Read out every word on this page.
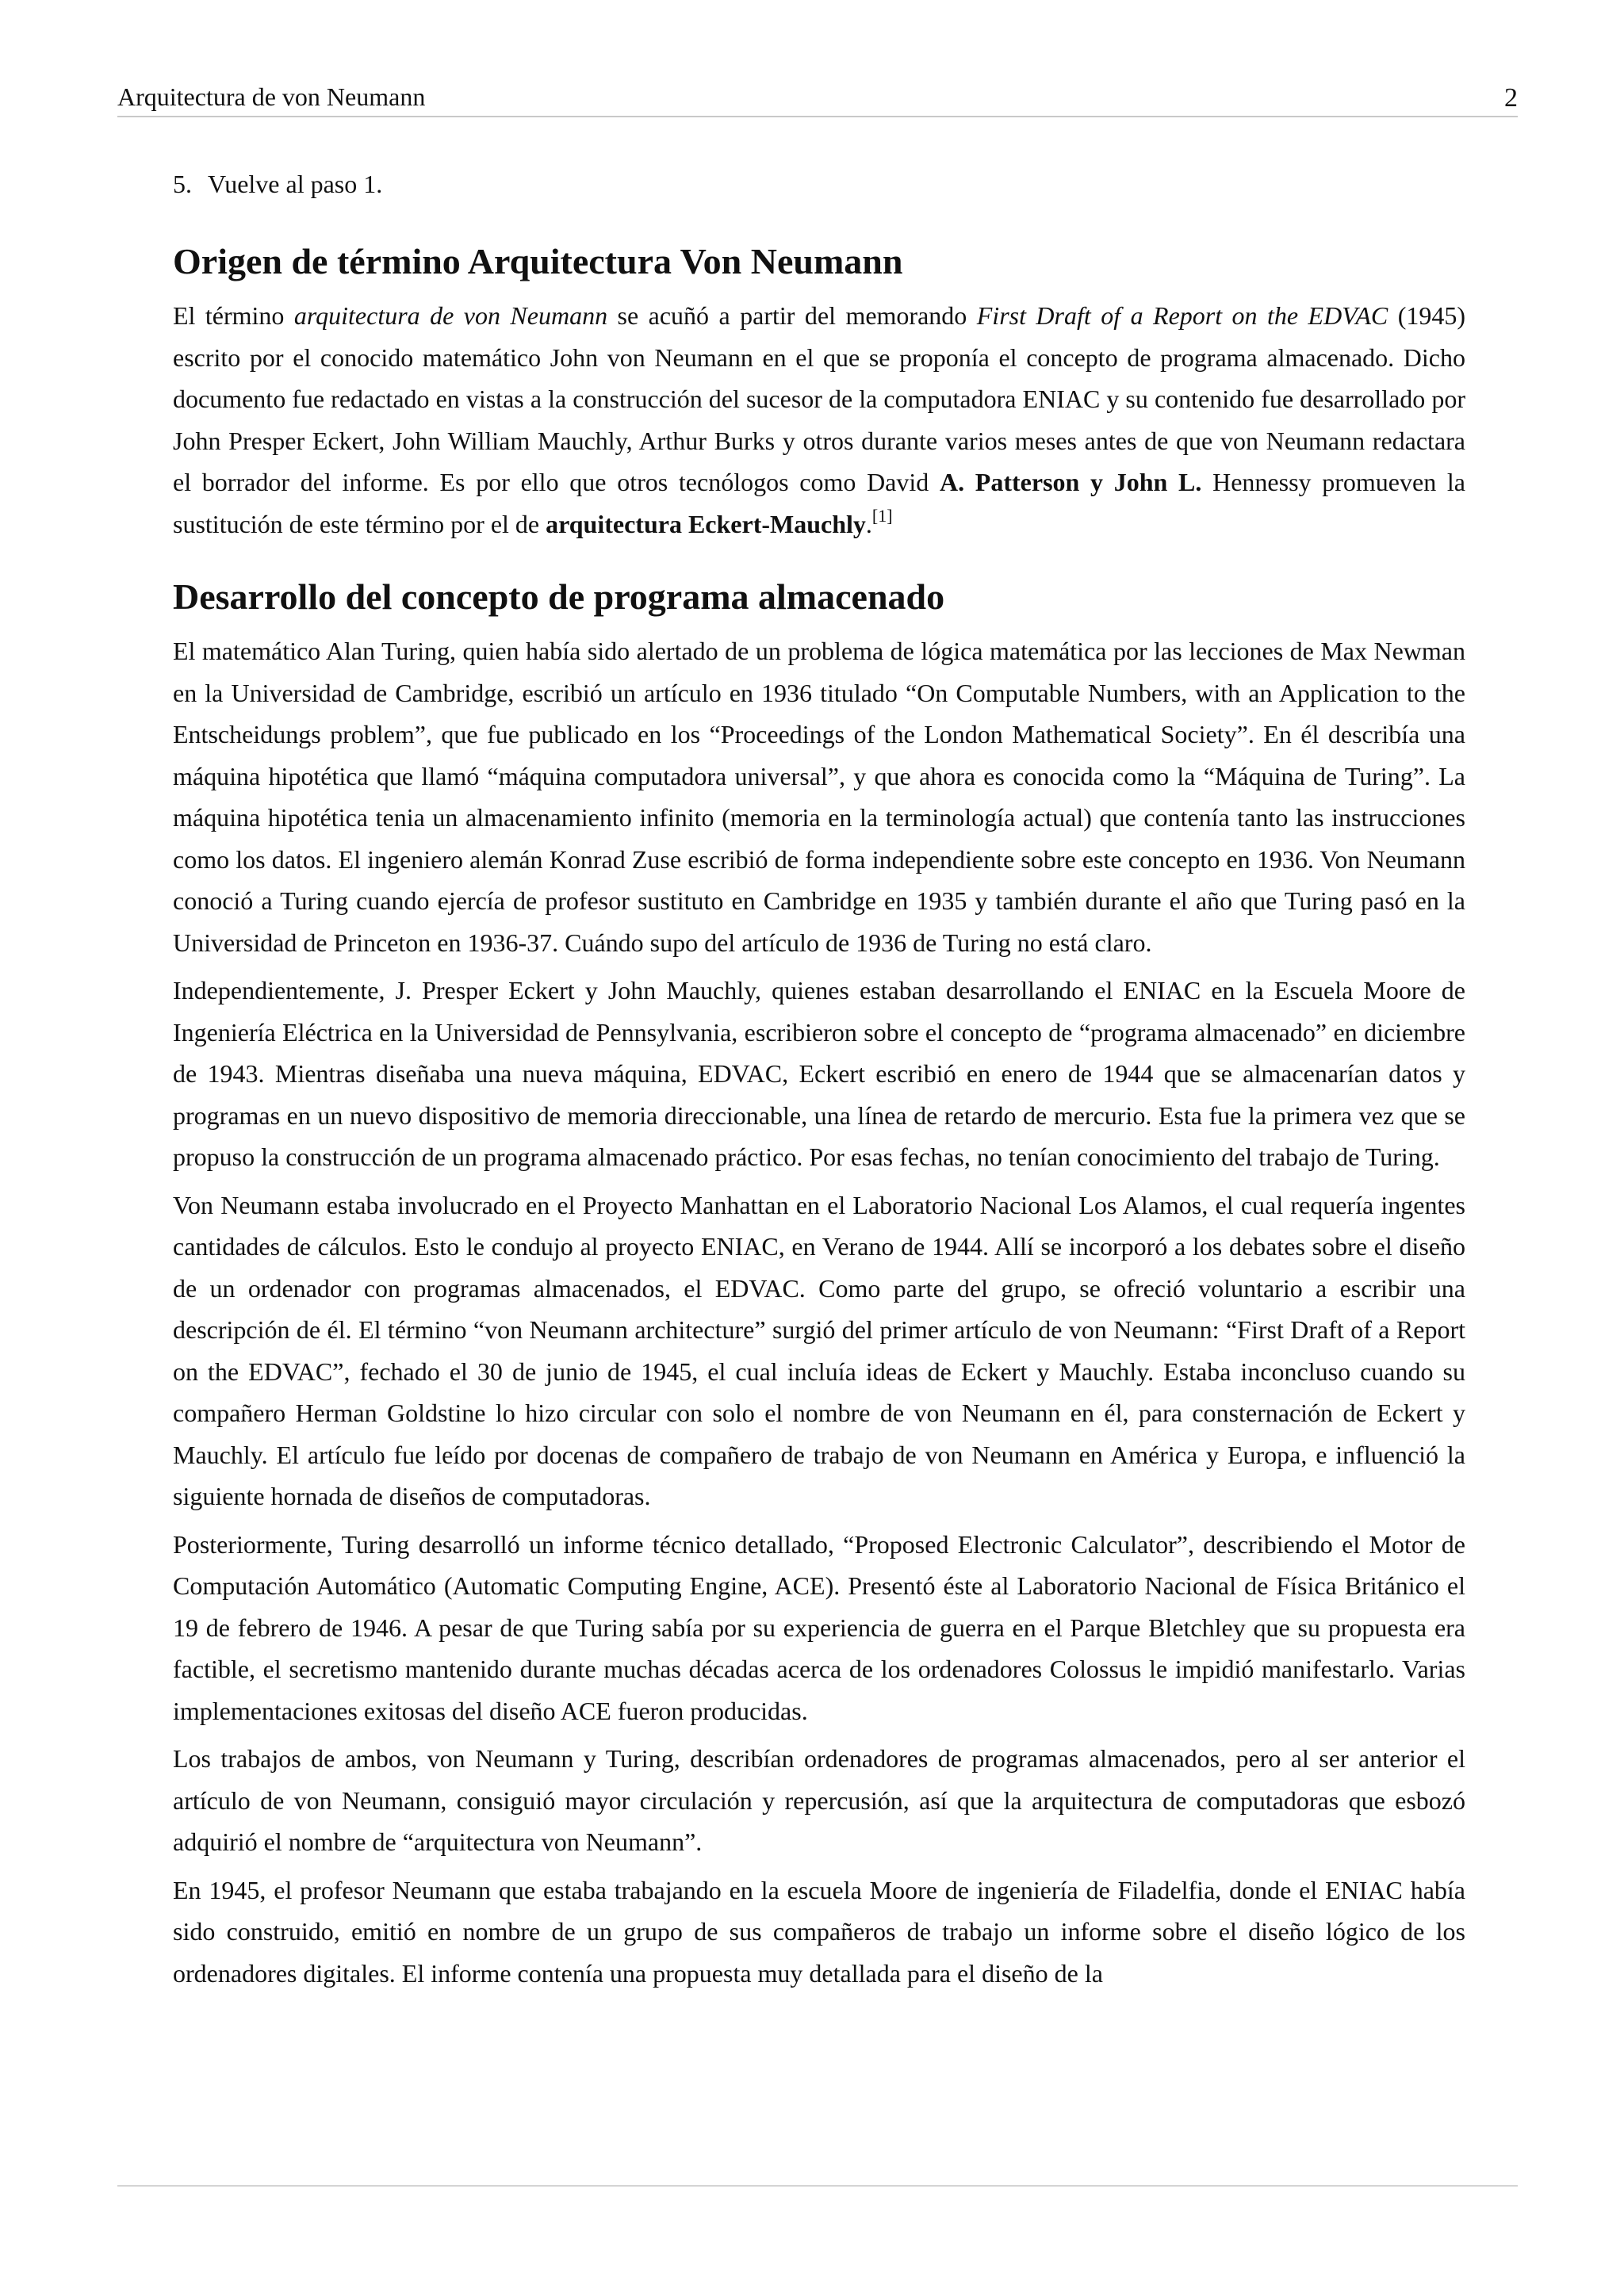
Arquitectura de von Neumann	2
5. Vuelve al paso 1.
Origen de término Arquitectura Von Neumann

El término arquitectura de von Neumann se acuñó a partir del memorando First Draft of a Report on the EDVAC (1945) escrito por el conocido matemático John von Neumann en el que se proponía el concepto de programa almacenado. Dicho documento fue redactado en vistas a la construcción del sucesor de la computadora ENIAC y su contenido fue desarrollado por John Presper Eckert, John William Mauchly, Arthur Burks y otros durante varios meses antes de que von Neumann redactara el borrador del informe. Es por ello que otros tecnólogos como David A. Patterson y John L. Hennessy promueven la sustitución de este término por el de arquitectura Eckert-Mauchly.[1]

Desarrollo del concepto de programa almacenado

El matemático Alan Turing, quien había sido alertado de un problema de lógica matemática por las lecciones de Max Newman en la Universidad de Cambridge, escribió un artículo en 1936 titulado “On Computable Numbers, with an Application to the Entscheidungs problem”, que fue publicado en los “Proceedings of the London Mathematical Society”. En él describía una máquina hipotética que llamó “máquina computadora universal”, y que ahora es conocida como la “Máquina de Turing”. La máquina hipotética tenia un almacenamiento infinito (memoria en la terminología actual) que contenía tanto las instrucciones como los datos. El ingeniero alemán Konrad Zuse escribió de forma independiente sobre este concepto en 1936. Von Neumann conoció a Turing cuando ejercía de profesor sustituto en Cambridge en 1935 y también durante el año que Turing pasó en la Universidad de Princeton en 1936-37. Cuándo supo del artículo de 1936 de Turing no está claro.

Independientemente, J. Presper Eckert y John Mauchly, quienes estaban desarrollando el ENIAC en la Escuela Moore de Ingeniería Eléctrica en la Universidad de Pennsylvania, escribieron sobre el concepto de “programa almacenado” en diciembre de 1943. Mientras diseñaba una nueva máquina, EDVAC, Eckert escribió en enero de 1944 que se almacenarían datos y programas en un nuevo dispositivo de memoria direccionable, una línea de retardo de mercurio. Esta fue la primera vez que se propuso la construcción de un programa almacenado práctico. Por esas fechas, no tenían conocimiento del trabajo de Turing.

Von Neumann estaba involucrado en el Proyecto Manhattan en el Laboratorio Nacional Los Alamos, el cual requería ingentes cantidades de cálculos. Esto le condujo al proyecto ENIAC, en Verano de 1944. Allí se incorporó a los debates sobre el diseño de un ordenador con programas almacenados, el EDVAC. Como parte del grupo, se ofreció voluntario a escribir una descripción de él. El término “von Neumann architecture” surgió del primer artículo de von Neumann: “First Draft of a Report on the EDVAC”, fechado el 30 de junio de 1945, el cual incluía ideas de Eckert y Mauchly. Estaba inconcluso cuando su compañero Herman Goldstine lo hizo circular con solo el nombre de von Neumann en él, para consternación de Eckert y Mauchly. El artículo fue leído por docenas de compañero de trabajo de von Neumann en América y Europa, e influenció la siguiente hornada de diseños de computadoras.

Posteriormente, Turing desarrolló un informe técnico detallado, “Proposed Electronic Calculator”, describiendo el Motor de Computación Automático (Automatic Computing Engine, ACE). Presentó éste al Laboratorio Nacional de Física Británico el 19 de febrero de 1946. A pesar de que Turing sabía por su experiencia de guerra en el Parque Bletchley que su propuesta era factible, el secretismo mantenido durante muchas décadas acerca de los ordenadores Colossus le impidió manifestarlo. Varias implementaciones exitosas del diseño ACE fueron producidas.

Los trabajos de ambos, von Neumann y Turing, describían ordenadores de programas almacenados, pero al ser anterior el artículo de von Neumann, consiguió mayor circulación y repercusión, así que la arquitectura de computadoras que esbozó adquirió el nombre de “arquitectura von Neumann”.

En 1945, el profesor Neumann que estaba trabajando en la escuela Moore de ingeniería de Filadelfia, donde el ENIAC había sido construido, emitió en nombre de un grupo de sus compañeros de trabajo un informe sobre el diseño lógico de los ordenadores digitales. El informe contenía una propuesta muy detallada para el diseño de la
